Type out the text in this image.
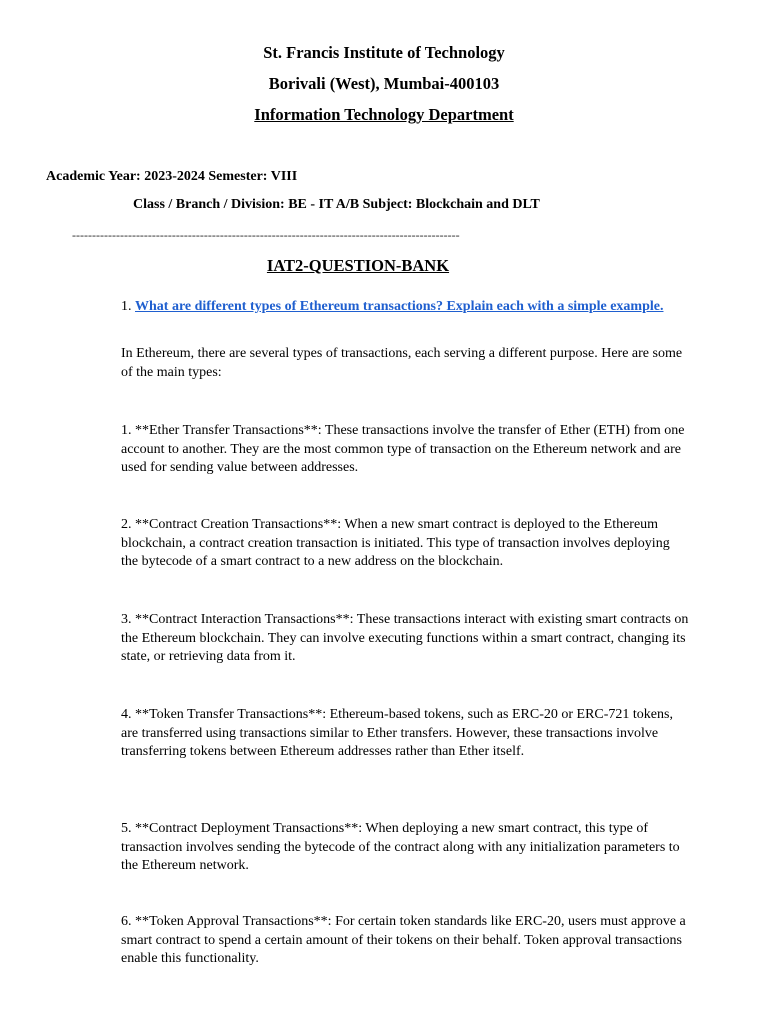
St. Francis Institute of Technology
Borivali (West), Mumbai-400103
Information Technology Department
Academic Year: 2023-2024 Semester: VIII
Class / Branch / Division: BE - IT A/B Subject: Blockchain and DLT
-------------------------------------------------------------------------------------------------
IAT2-QUESTION-BANK
1. What are different types of Ethereum transactions? Explain each with a simple example.
In Ethereum, there are several types of transactions, each serving a different purpose. Here are some of the main types:
1. **Ether Transfer Transactions**: These transactions involve the transfer of Ether (ETH) from one account to another. They are the most common type of transaction on the Ethereum network and are used for sending value between addresses.
2. **Contract Creation Transactions**: When a new smart contract is deployed to the Ethereum blockchain, a contract creation transaction is initiated. This type of transaction involves deploying the bytecode of a smart contract to a new address on the blockchain.
3. **Contract Interaction Transactions**: These transactions interact with existing smart contracts on the Ethereum blockchain. They can involve executing functions within a smart contract, changing its state, or retrieving data from it.
4. **Token Transfer Transactions**: Ethereum-based tokens, such as ERC-20 or ERC-721 tokens, are transferred using transactions similar to Ether transfers. However, these transactions involve transferring tokens between Ethereum addresses rather than Ether itself.
5. **Contract Deployment Transactions**: When deploying a new smart contract, this type of transaction involves sending the bytecode of the contract along with any initialization parameters to the Ethereum network.
6. **Token Approval Transactions**: For certain token standards like ERC-20, users must approve a smart contract to spend a certain amount of their tokens on their behalf. Token approval transactions enable this functionality.
